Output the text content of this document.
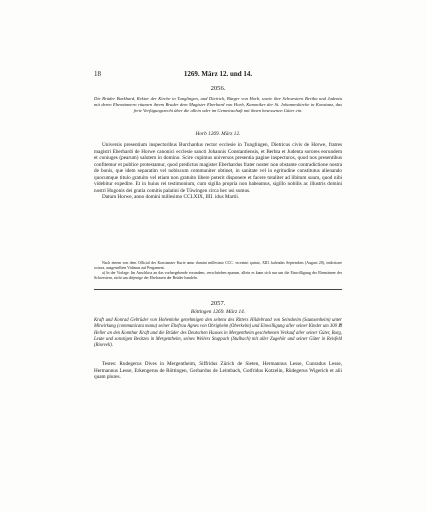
18	1269. März 12. und 14.
2056.
Die Brüder Burkhard, Rektor der Kirche in Tunglingen, und Dietrich, Bürger von Horb, sowie ihre Schwestern Bertha und Judenta mit deren Ehemännern räumen ihrem Bruder dem Magister Eberhard von Horb, Kanoniker der St. Johanneskirche in Konstanz, das freie Verfügungsrecht über die allein oder im Gemeinschaft mit ihnen besessenen Güter ein.
Horb 1269. März 12.

Universis presentium inspectoribus Burchardus rector ecclesie in Tunglingen, Dietricus civis de Horwe, fratres magistri Eberhardi de Horwe canonici ecclesie sancti Johannis Constantiensis, et Berhta et Judenta sorores eorundem et coniuges (pearum) salutem in domino. Scire cupimus universos presentia pagine inspecturos, quod nos presentibus confitemur et publice protestamur, quod predictus magister Eberhardus frater noster non obstante contradictione nostra de bonis, que idem separatim vel nobiscum communiter obtinet, in sanitate vel in egritudine constitutus alienando quocumque titulo gratuito vel etiam non gratuito libere poterit disponere et facere totaliter ad libitum suum, quod nibi videbitur expedire. Et in huius rei testimonium, cum sigilla propria non habeamus, sigillo nobilis ac illustris domini nostri Hugonis dei gratia comitis palatini de Tüwingen circa hec usi sumus.

Datum Horwe, anno domini millesimo CCLXIX, IIII. idus Martii.

Nach einem von dem Official der Konstanzer Kurie anno domini millesimo CCC. vicesimi quinto, XIII. kalendas Septembris (August 20), indictione octava, ausgestellten Vidimus auf Pergament.

a) In der Vorlage. Im Anschluss an das vorhergehende eorundem, verschrieben eparum, allein es kann sich nur um die Einwilligung der Ehemänner der Schwestern, nicht um diejenige der Ehefrauen der Brüder handeln.

2057.
Böttingen 1269. März 14.
Kraft und Konrad Gebrüder von Hohenlohe genehmigen den seitens des Ritters Hildebrand von Seinsheim (Saunsenheim) unter Mitwirkung (communicata manu) seiner Ehefrau Agnes von Obrigheim (Oberkeim) und Einwilligung aller seiner Kinder um 300 ℔ Heller an den Komthur Kraft und die Brüder des Deutschen Hauses in Mergentheim geschehenen Verkauf aller seiner Güter, Burg, Leute und sonstigen Besitzes in Mergentheim, seines Weilers Stuppach (Stulbach) mit aller Zugehör und seiner Güter in Reisfeld (Riseveli).

Testes: Rudegerus Dives in Mergentheim, Siffridus Zürich de Sieten, Hermannus Lesse, Cunradus Lesse, Hermannus Lesse, Erkengerus de Röttingen, Gerhardus de Leimbach, Gotfridus Kotzelin, Rüdegerus Wigerich et alii quam plures.
